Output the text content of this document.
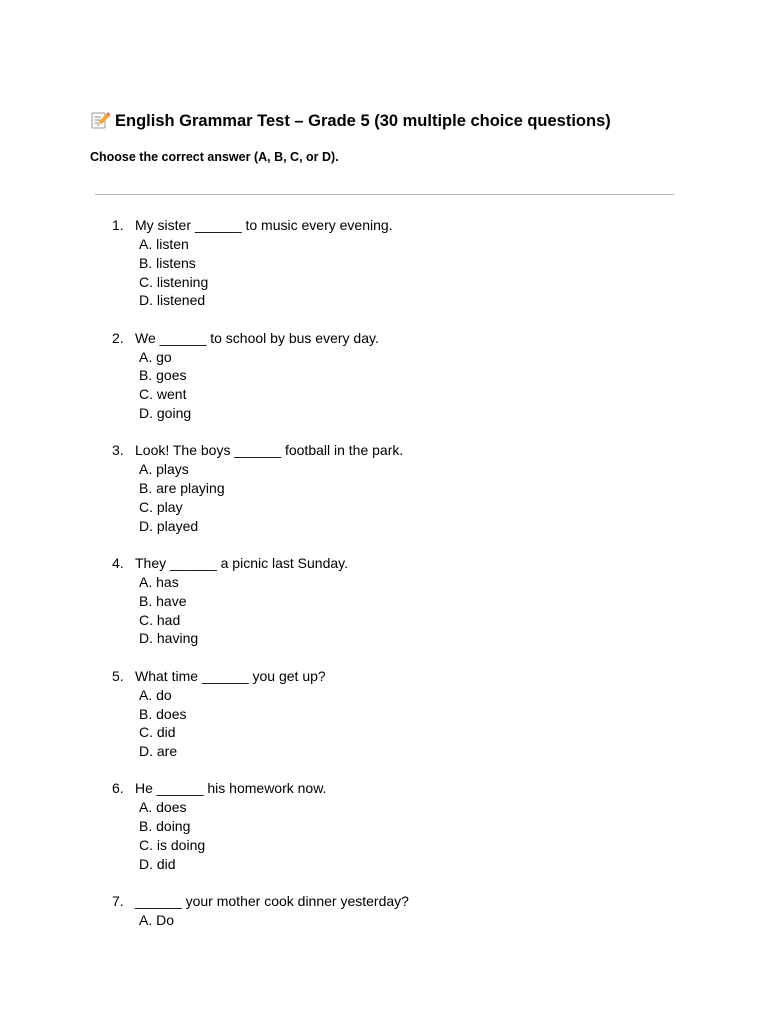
English Grammar Test – Grade 5 (30 multiple choice questions)
Choose the correct answer (A, B, C, or D).
1. My sister ______ to music every evening.
A. listen
B. listens
C. listening
D. listened
2. We ______ to school by bus every day.
A. go
B. goes
C. went
D. going
3. Look! The boys ______ football in the park.
A. plays
B. are playing
C. play
D. played
4. They ______ a picnic last Sunday.
A. has
B. have
C. had
D. having
5. What time ______ you get up?
A. do
B. does
C. did
D. are
6. He ______ his homework now.
A. does
B. doing
C. is doing
D. did
7. ______ your mother cook dinner yesterday?
A. Do
